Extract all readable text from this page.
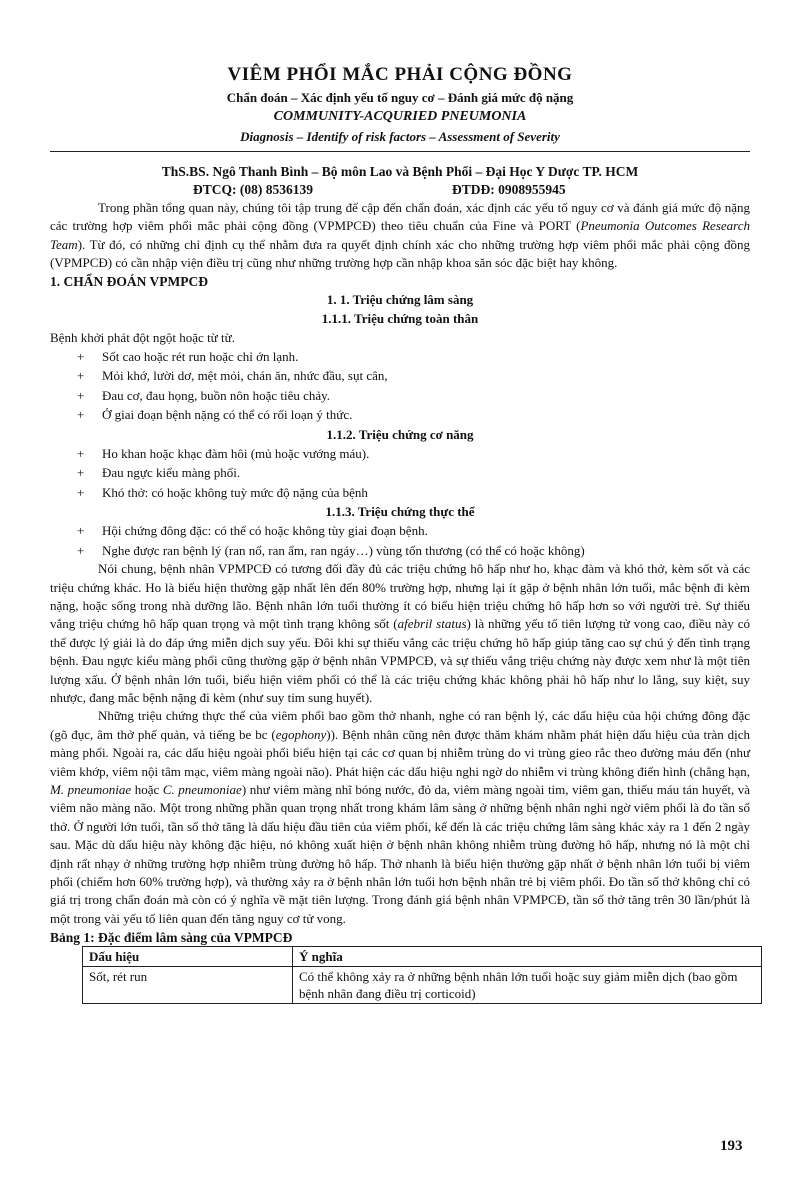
VIÊM PHỔI MẮC PHẢI CỘNG ĐỒNG

Chẩn đoán – Xác định yếu tố nguy cơ – Đánh giá mức độ nặng

COMMUNITY-ACQURIED PNEUMONIA

Diagnosis – Identify of risk factors – Assessment of Severity

ThS.BS. Ngô Thanh Bình – Bộ môn Lao và Bệnh Phổi – Đại Học Y Dược TP. HCM

ĐTCQ: (08) 8536139	ĐTDĐ: 0908955945

Trong phần tổng quan này, chúng tôi tập trung để cập đến chẩn đoán, xác định các yếu tố nguy cơ và đánh giá mức độ nặng các trường hợp viêm phổi mắc phải cộng đồng (VPMPCĐ) theo tiêu chuẩn của Fine và PORT (Pneumonia Outcomes Research Team). Từ đó, có những chỉ định cụ thể nhằm đưa ra quyết định chính xác cho những trường hợp viêm phổi mắc phải cộng đồng (VPMPCĐ) có cần nhập viện điều trị cũng như những trường hợp cần nhập khoa săn sóc đặc biệt hay không.

1. CHẨN ĐOÁN VPMPCĐ
1. 1. Triệu chứng lâm sàng
1.1.1. Triệu chứng toàn thân

Bệnh khởi phát đột ngột hoặc từ từ.

+ Sốt cao hoặc rét run hoặc chỉ ớn lạnh.
+ Mỏi khớ, lười dơ, mệt mỏi, chán ăn, nhức đầu, sụt cân,
+ Đau cơ, đau họng, buồn nôn hoặc tiêu chảy.
+ Ở giai đoạn bệnh nặng có thể có rối loạn ý thức.
1.1.2. Triệu chứng cơ năng
+ Ho khan hoặc khạc đàm hôi (mủ hoặc vướng máu).
+ Đau ngực kiểu màng phổi.
+ Khó thở: có hoặc không tuỳ mức độ nặng của bệnh
1.1.3. Triệu chứng thực thể
+ Hội chứng đông đặc: có thể có hoặc không tùy giai đoạn bệnh.
+ Nghe được ran bệnh lý (ran nổ, ran ẩm, ran ngáy…) vùng tổn thương (có thể có hoặc không)

Nói chung, bệnh nhân VPMPCĐ có tương đối đầy đủ các triệu chứng hô hấp như ho, khạc đàm và khó thở, kèm sốt và các triệu chứng khác. Ho là biểu hiện thường gặp nhất lên đến 80% trường hợp, nhưng lại ít gặp ở bệnh nhân lớn tuổi, mắc bệnh đi kèm nặng, hoặc sống trong nhà dưỡng lão. Bệnh nhân lớn tuổi thường ít có biểu hiện triệu chứng hô hấp hơn so với người trẻ. Sự thiếu vắng triệu chứng hô hấp quan trọng và một tình trạng không sốt (afebril status) là những yếu tố tiên lượng tử vong cao, điều này có thể được lý giải là do đáp ứng miễn dịch suy yếu. Đôi khi sự thiếu vắng các triệu chứng hô hấp giúp tăng cao sự chú ý đến tình trạng bệnh. Đau ngực kiểu màng phổi cũng thường gặp ở bệnh nhân VPMPCĐ, và sự thiếu vắng triệu chứng này được xem như là một tiên lượng xấu. Ở bệnh nhân lớn tuổi, biểu hiện viêm phổi có thể là các triệu chứng khác không phải hô hấp như lo lắng, suy kiệt, suy nhược, đang mắc bệnh nặng đi kèm (như suy tim sung huyết).

Những triệu chứng thực thể của viêm phổi bao gồm thở nhanh, nghe có ran bệnh lý, các dấu hiệu của hội chứng đông đặc (gõ đục, âm thở phế quản, và tiếng be bc (egophony)). Bệnh nhân cũng nên được thăm khám nhằm phát hiện dấu hiệu của tràn dịch màng phổi. Ngoài ra, các dấu hiệu ngoài phổi biểu hiện tại các cơ quan bị nhiễm trùng do vi trùng gieo rắc theo đường máu đến (như viêm khớp, viêm nội tâm mạc, viêm màng ngoài não). Phát hiện các dấu hiệu nghi ngờ do nhiễm vi trùng không điển hình (chẳng hạn, M. pneumoniae hoặc C. pneumoniae) như viêm màng nhĩ bóng nước, đỏ da, viêm màng ngoài tim, viêm gan, thiếu máu tán huyết, và viêm não màng não. Một trong những phần quan trọng nhất trong khám lâm sàng ở những bệnh nhân nghi ngờ viêm phổi là đo tần số thở. Ở người lớn tuổi, tần số thở tăng là dấu hiệu đầu tiên của viêm phổi, kế đến là các triệu chứng lâm sàng khác xảy ra 1 đến 2 ngày sau. Mặc dù dấu hiệu này không đặc hiệu, nó không xuất hiện ở bệnh nhân không nhiễm trùng đường hô hấp, nhưng nó là một chỉ định rất nhạy ở những trường hợp nhiễm trùng đường hô hấp. Thở nhanh là biểu hiện thường gặp nhất ở bệnh nhân lớn tuổi bị viêm phổi (chiếm hơn 60% trường hợp), và thường xảy ra ở bệnh nhân lớn tuổi hơn bệnh nhân trẻ bị viêm phổi. Đo tần số thở không chỉ có giá trị trong chẩn đoán mà còn có ý nghĩa về mặt tiên lượng. Trong đánh giá bệnh nhân VPMPCĐ, tần số thở tăng trên 30 lần/phút là một trong vài yếu tố liên quan đến tăng nguy cơ tử vong.

Bảng 1: Đặc điểm lâm sàng của VPMPCĐ

Dấu hiệu	Ý nghĩa
Sốt, rét run	Có thể không xảy ra ở những bệnh nhân lớn tuổi hoặc suy giảm miễn dịch (bao gồm bệnh nhân đang điều trị corticoid)
193
